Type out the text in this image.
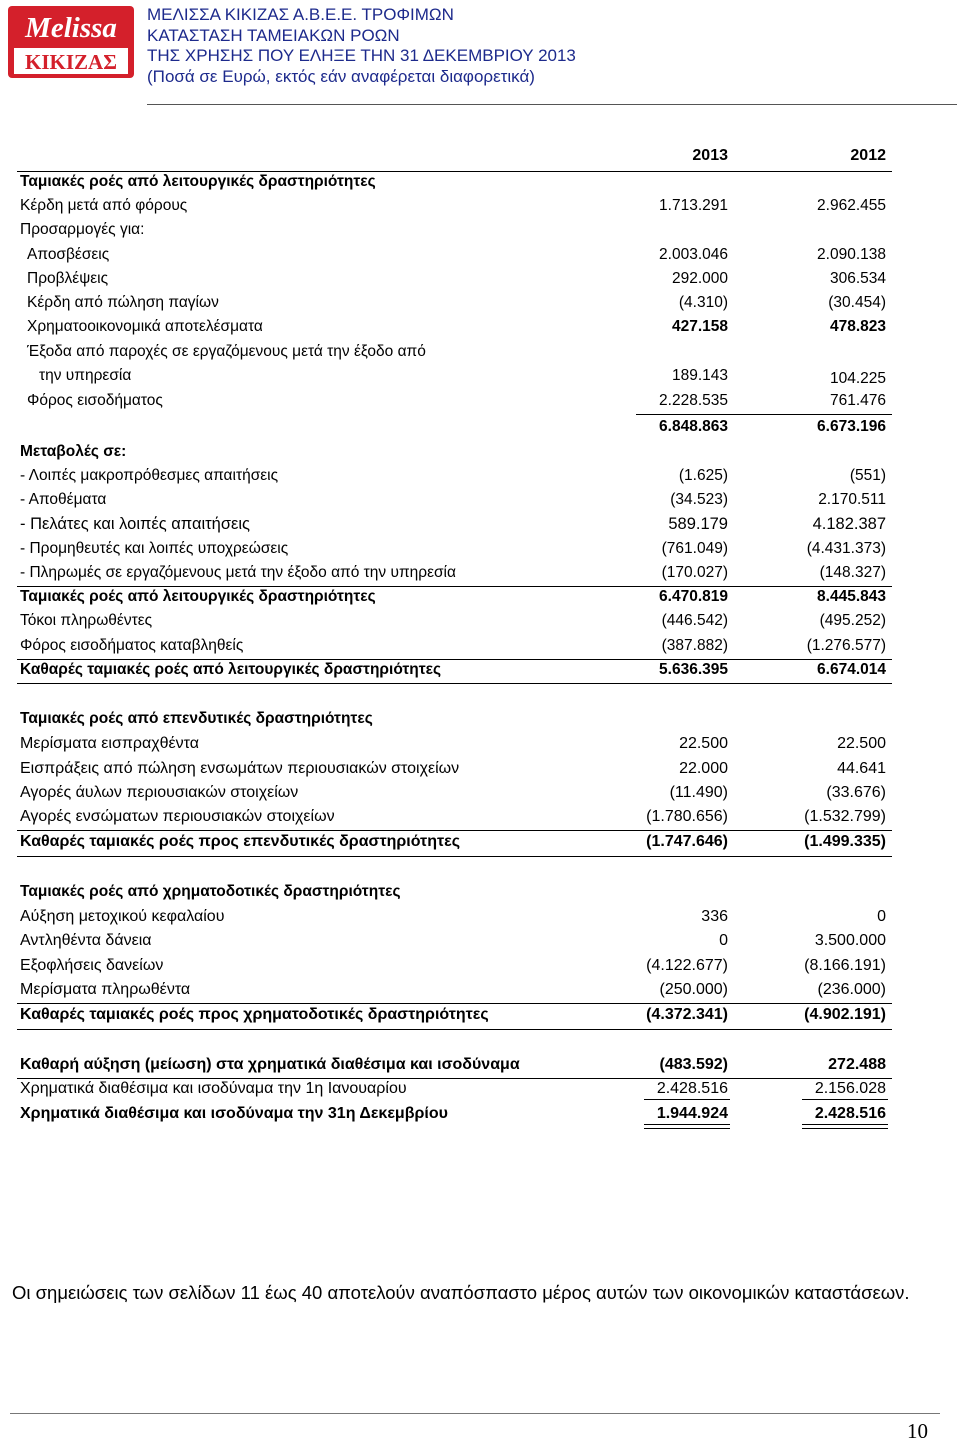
Melissa
ΚΙΚΙΖΑΣ
ΜΕΛΙΣΣΑ ΚΙΚΙΖΑΣ Α.Β.Ε.Ε. ΤΡΟΦΙΜΩΝ
ΚΑΤΑΣΤΑΣΗ ΤΑΜΕΙΑΚΩΝ ΡΟΩΝ
ΤΗΣ ΧΡΗΣΗΣ ΠΟΥ ΕΛΗΞΕ ΤΗΝ 31 ΔΕΚΕΜΒΡΙΟΥ 2013
(Ποσά σε Ευρώ, εκτός εάν αναφέρεται διαφορετικά)
2013	2012
Ταμιακές ροές από λειτουργικές δραστηριότητες
Κέρδη μετά από φόρους	1.713.291	2.962.455
Προσαρμογές για:
Αποσβέσεις	2.003.046	2.090.138
Προβλέψεις	292.000	306.534
Κέρδη από πώληση παγίων	(4.310)	(30.454)
Χρηματοοικονομικά αποτελέσματα	427.158	478.823
Έξοδα από παροχές σε εργαζόμενους μετά την έξοδο από
την υπηρεσία	189.143	104.225
Φόρος εισοδήματος	2.228.535	761.476
6.848.863	6.673.196
Μεταβολές σε:
- Λοιπές μακροπρόθεσμες απαιτήσεις	(1.625)	(551)
- Αποθέματα	(34.523)	2.170.511
- Πελάτες και λοιπές απαιτήσεις	589.179	4.182.387
- Προμηθευτές και λοιπές υποχρεώσεις	(761.049)	(4.431.373)
- Πληρωμές σε εργαζόμενους μετά την έξοδο από την υπηρεσία	(170.027)	(148.327)
Ταμιακές ροές από λειτουργικές δραστηριότητες	6.470.819	8.445.843
Τόκοι πληρωθέντες	(446.542)	(495.252)
Φόρος εισοδήματος καταβληθείς	(387.882)	(1.276.577)
Καθαρές ταμιακές ροές από λειτουργικές δραστηριότητες	5.636.395	6.674.014
Ταμιακές ροές από επενδυτικές δραστηριότητες
Μερίσματα εισπραχθέντα	22.500	22.500
Εισπράξεις από πώληση ενσωμάτων περιουσιακών στοιχείων	22.000	44.641
Αγορές άυλων περιουσιακών στοιχείων	(11.490)	(33.676)
Αγορές ενσώματων περιουσιακών στοιχείων	(1.780.656)	(1.532.799)
Καθαρές ταμιακές ροές προς επενδυτικές δραστηριότητες	(1.747.646)	(1.499.335)
Ταμιακές ροές από χρηματοδοτικές δραστηριότητες
Αύξηση μετοχικού κεφαλαίου	336	0
Αντληθέντα δάνεια	0	3.500.000
Εξοφλήσεις δανείων	(4.122.677)	(8.166.191)
Μερίσματα πληρωθέντα	(250.000)	(236.000)
Καθαρές ταμιακές ροές προς χρηματοδοτικές δραστηριότητες	(4.372.341)	(4.902.191)
Καθαρή αύξηση (μείωση) στα χρηματικά διαθέσιμα και ισοδύναμα	(483.592)	272.488
Χρηματικά διαθέσιμα και ισοδύναμα την 1η Ιανουαρίου	2.428.516	2.156.028
Χρηματικά διαθέσιμα και ισοδύναμα την 31η Δεκεμβρίου	1.944.924	2.428.516
Οι σημειώσεις των σελίδων 11 έως 40 αποτελούν αναπόσπαστο μέρος αυτών των οικονομικών καταστάσεων.
10
